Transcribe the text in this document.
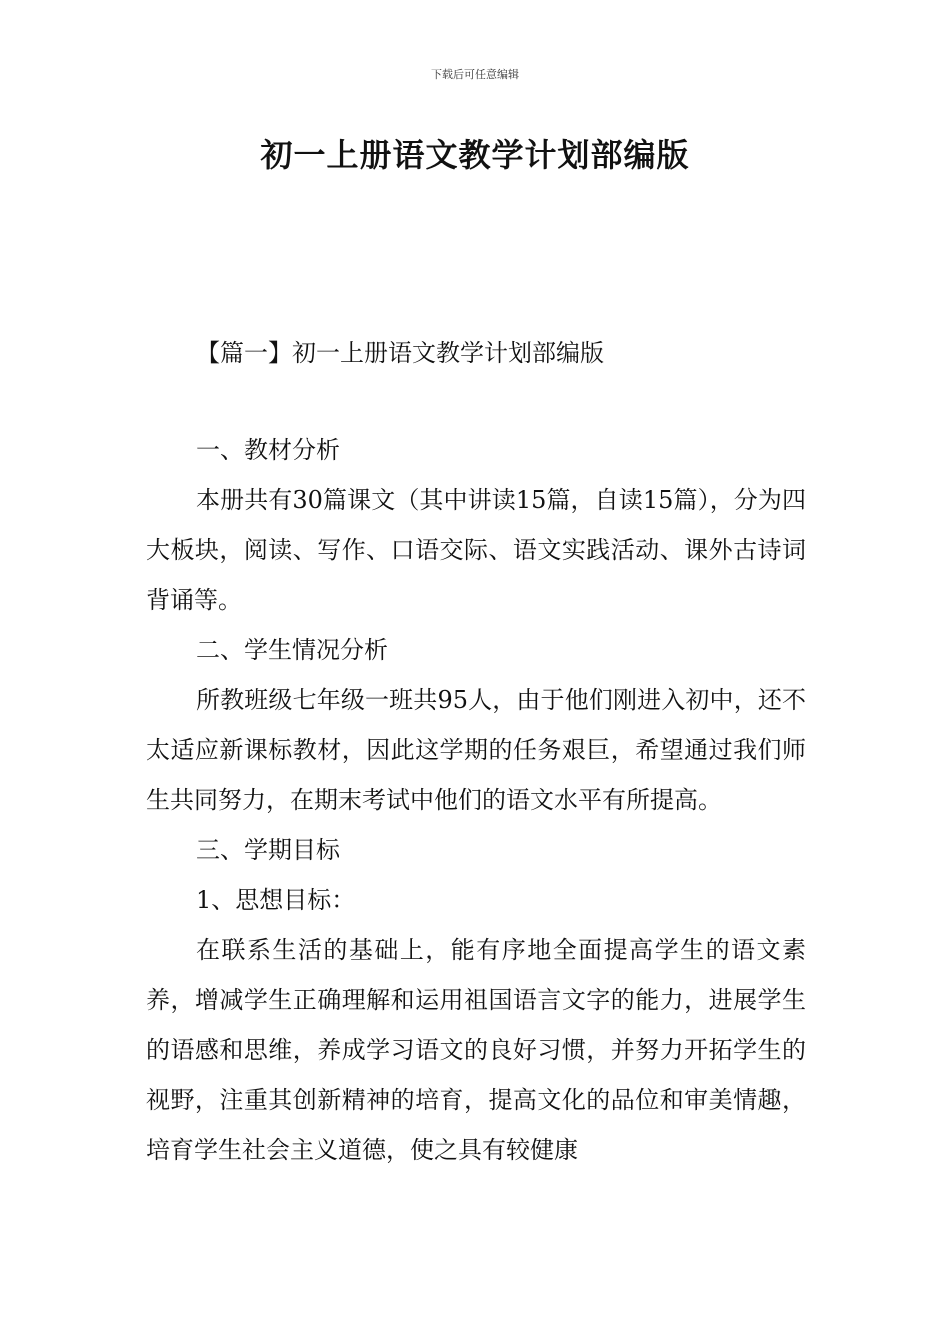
下载后可任意编辑
初一上册语文教学计划部编版
【篇一】初一上册语文教学计划部编版

一、教材分析

本册共有30篇课文（其中讲读15篇，自读15篇），分为四大板块，阅读、写作、口语交际、语文实践活动、课外古诗词背诵等。

二、学生情况分析

所教班级七年级一班共95人，由于他们刚进入初中，还不太适应新课标教材，因此这学期的任务艰巨，希望通过我们师生共同努力，在期末考试中他们的语文水平有所提高。

三、学期目标

1、思想目标：

在联系生活的基础上，能有序地全面提高学生的语文素养，增减学生正确理解和运用祖国语言文字的能力，进展学生的语感和思维，养成学习语文的良好习惯，并努力开拓学生的视野，注重其创新精神的培育，提高文化的品位和审美情趣，培育学生社会主义道德，使之具有较健康
